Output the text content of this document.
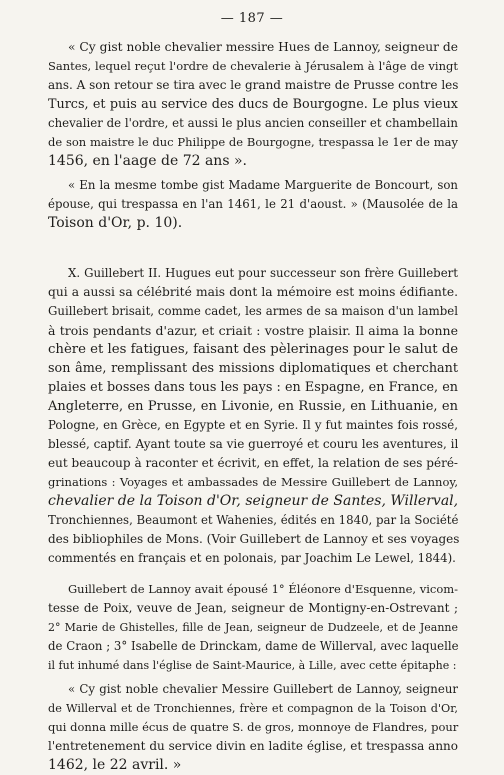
— 187 —
« Cy gist noble chevalier messire Hues de Lannoy, seigneur de
Santes, lequel reçut l'ordre de chevalerie à Jérusalem à l'âge de vingt
ans. A son retour se tira avec le grand maistre de Prusse contre les
Turcs, et puis au service des ducs de Bourgogne. Le plus vieux
chevalier de l'ordre, et aussi le plus ancien conseiller et chambellain
de son maistre le duc Philippe de Bourgogne, trespassa le 1er de may
1456, en l'aage de 72 ans ».
« En la mesme tombe gist Madame Marguerite de Boncourt, son
épouse, qui trespassa en l'an 1461, le 21 d'aoust. » (Mausolée de la
Toison d'Or, p. 10).
X. Guillebert II. Hugues eut pour successeur son frère Guillebert
qui a aussi sa célébrité mais dont la mémoire est moins édifiante.
Guillebert brisait, comme cadet, les armes de sa maison d'un lambel
à trois pendants d'azur, et criait : vostre plaisir. Il aima la bonne
chère et les fatigues, faisant des pèlerinages pour le salut de
son âme, remplissant des missions diplomatiques et cherchant
plaies et bosses dans tous les pays : en Espagne, en France, en
Angleterre, en Prusse, en Livonie, en Russie, en Lithuanie, en
Pologne, en Grèce, en Egypte et en Syrie. Il y fut maintes fois rossé,
blessé, captif. Ayant toute sa vie guerroyé et couru les aventures, il
eut beaucoup à raconter et écrivit, en effet, la relation de ses péré-
grinations : Voyages et ambassades de Messire Guillebert de Lannoy,
chevalier de la Toison d'Or, seigneur de Santes, Willerval,
Tronchiennes, Beaumont et Wahenies, édités en 1840, par la Société
des bibliophiles de Mons. (Voir Guillebert de Lannoy et ses voyages
commentés en français et en polonais, par Joachim Le Lewel, 1844).
Guillebert de Lannoy avait épousé 1° Éléonore d'Esquenne, vicom-
tesse de Poix, veuve de Jean, seigneur de Montigny-en-Ostrevant ;
2° Marie de Ghistelles, fille de Jean, seigneur de Dudzeele, et de Jeanne
de Craon ; 3° Isabelle de Drinckam, dame de Willerval, avec laquelle
il fut inhumé dans l'église de Saint-Maurice, à Lille, avec cette épitaphe :
« Cy gist noble chevalier Messire Guillebert de Lannoy, seigneur
de Willerval et de Tronchiennes, frère et compagnon de la Toison d'Or,
qui donna mille écus de quatre S. de gros, monnoye de Flandres, pour
l'entretenement du service divin en ladite église, et trespassa anno
1462, le 22 avril. »
